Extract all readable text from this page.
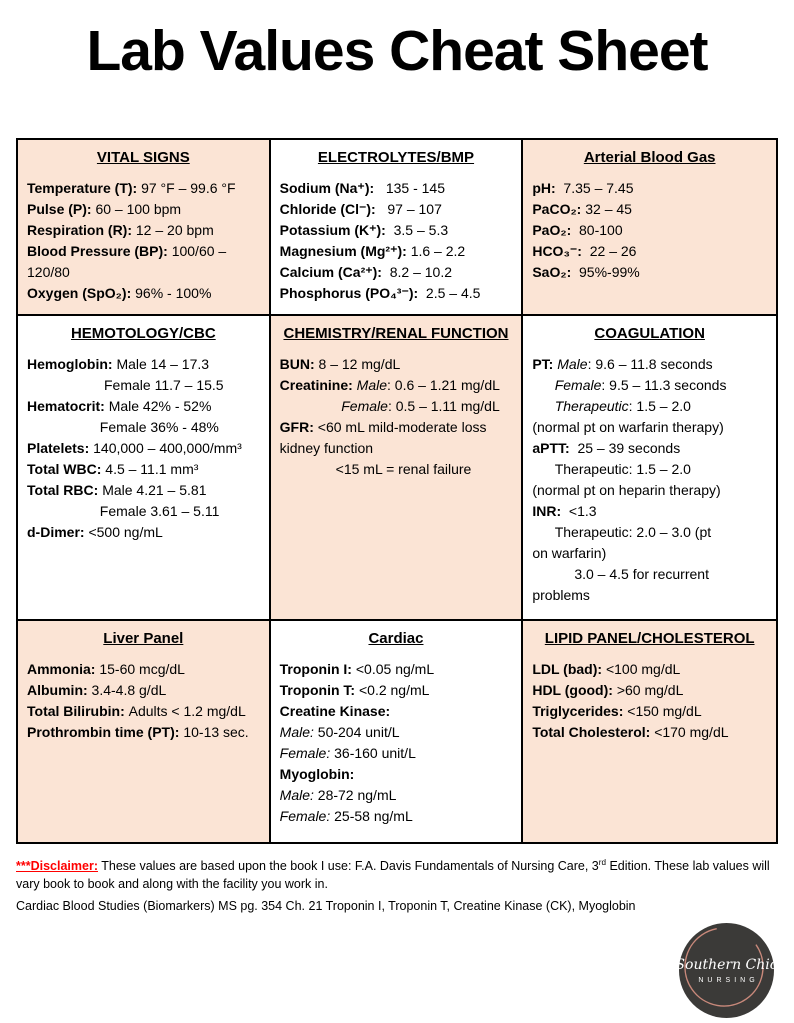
Lab Values Cheat Sheet
VITAL SIGNS
Temperature (T): 97 °F – 99.6 °F
Pulse (P): 60 – 100 bpm
Respiration (R): 12 – 20 bpm
Blood Pressure (BP): 100/60 –
120/80
Oxygen (SpO₂): 96% - 100%
ELECTROLYTES/BMP
Sodium (Na⁺):   135 - 145
Chloride (Cl⁻):   97 – 107
Potassium (K⁺):  3.5 – 5.3
Magnesium (Mg²⁺): 1.6 – 2.2
Calcium (Ca²⁺):  8.2 – 10.2
Phosphorus (PO₄³⁻):  2.5 – 4.5
Arterial Blood Gas
pH:  7.35 – 7.45
PaCO₂: 32 – 45
PaO₂:  80-100
HCO₃⁻:  22 – 26
SaO₂:  95%-99%
HEMOTOLOGY/CBC
Hemoglobin: Male 14 – 17.3
Female 11.7 – 15.5
Hematocrit: Male 42% - 52%
Female 36% - 48%
Platelets: 140,000 – 400,000/mm³
Total WBC: 4.5 – 11.1 mm³
Total RBC: Male 4.21 – 5.81
Female 3.61 – 5.11
d-Dimer: <500 ng/mL
CHEMISTRY/RENAL FUNCTION
BUN: 8 – 12 mg/dL
Creatinine: Male: 0.6 – 1.21 mg/dL
Female: 0.5 – 1.11 mg/dL
GFR: <60 mL mild-moderate loss
kidney function
<15 mL = renal failure
COAGULATION
PT: Male: 9.6 – 11.8 seconds
Female: 9.5 – 11.3 seconds
Therapeutic: 1.5 – 2.0
(normal pt on warfarin therapy)
aPTT:  25 – 39 seconds
Therapeutic: 1.5 – 2.0
(normal pt on heparin therapy)
INR:  <1.3
Therapeutic: 2.0 – 3.0 (pt
on warfarin)
3.0 – 4.5 for recurrent
problems
Liver Panel
Ammonia: 15-60 mcg/dL
Albumin: 3.4-4.8 g/dL
Total Bilirubin: Adults < 1.2 mg/dL
Prothrombin time (PT): 10-13 sec.
Cardiac
Troponin I: <0.05 ng/mL
Troponin T: <0.2 ng/mL
Creatine Kinase:
Male: 50-204 unit/L
Female: 36-160 unit/L
Myoglobin:
Male: 28-72 ng/mL
Female: 25-58 ng/mL
LIPID PANEL/CHOLESTEROL
LDL (bad): <100 mg/dL
HDL (good): >60 mg/dL
Triglycerides: <150 mg/dL
Total Cholesterol: <170 mg/dL

***Disclaimer: These values are based upon the book I use: F.A. Davis Fundamentals of Nursing Care, 3rd Edition. These lab values will vary book to book and along with the facility you work in.

Cardiac Blood Studies (Biomarkers) MS pg. 354 Ch. 21 Troponin I, Troponin T, Creatine Kinase (CK), Myoglobin

Southern Chic
NURSING
